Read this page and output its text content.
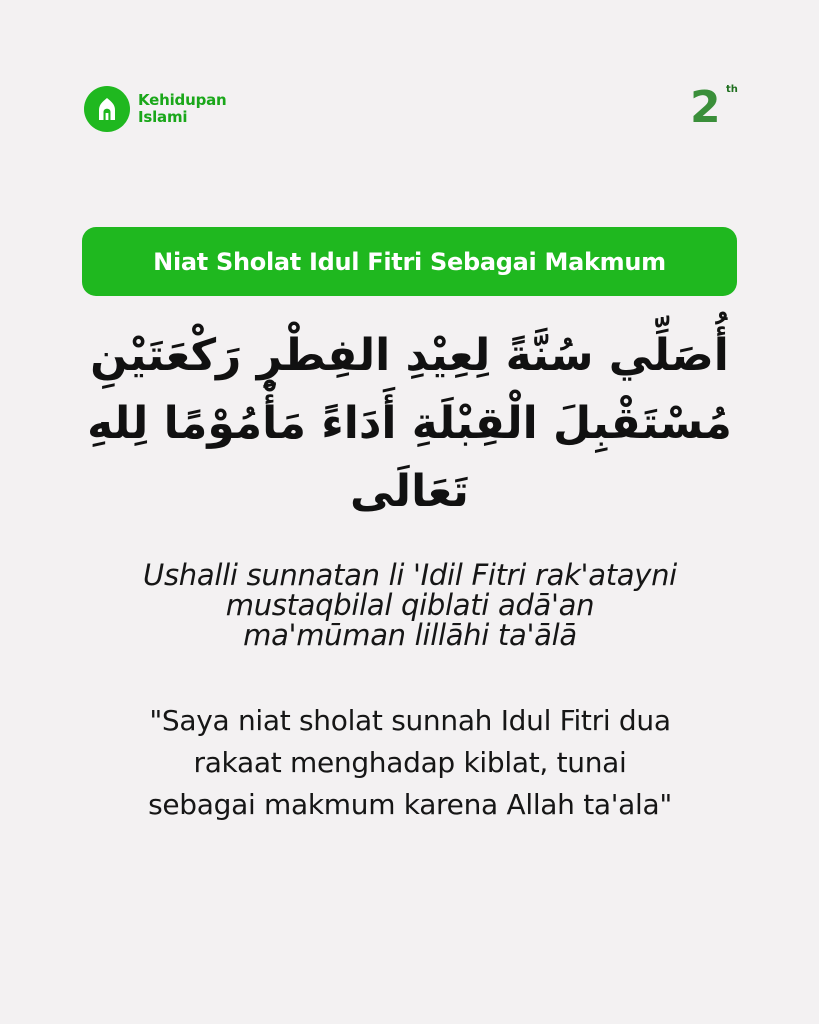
Kehidupan
Islami	2 th
Niat Sholat Idul Fitri Sebagai Makmum
أُصَلِّي سُنَّةً لِعِيْدِ الفِطْرِ رَكْعَتَيْنِ مُسْتَقْبِلَ الْقِبْلَةِ أَدَاءً مَأْمُوْمًا لِلهِ تَعَالَى
Ushalli sunnatan li 'Idil Fitri rak'atayni
mustaqbilal qiblati adā'an
ma'mūman lillāhi ta'ālā
"Saya niat sholat sunnah Idul Fitri dua
rakaat menghadap kiblat, tunai
sebagai makmum karena Allah ta'ala"
